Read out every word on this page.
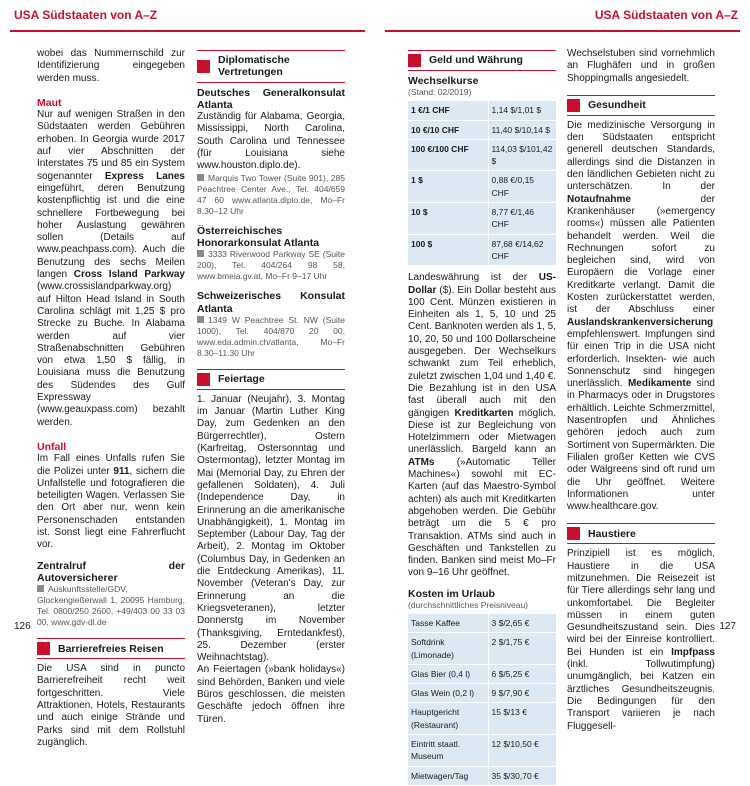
USA Südstaaten von A–Z	USA Südstaaten von A–Z

wobei das Nummernschild zur Identifizierung eingegeben werden muss.

Maut

Nur auf wenigen Straßen in den Südstaaten werden Gebühren erhoben. In Georgia wurde 2017 auf vier Abschnitten der Interstates 75 und 85 ein System sogenannter Express Lanes eingeführt, deren Benutzung kostenpflichtig ist und die eine schnellere Fortbewegung bei hoher Auslastung gewähren sollen (Details auf www.peachpass.com). Auch die Benutzung des sechs Meilen langen Cross Island Parkway (www.crossislandparkway.org) auf Hilton Head Island in South Carolina schlägt mit 1,25 $ pro Strecke zu Buche. In Alabama werden auf vier Straßenabschnitten Gebühren von etwa 1,50 $ fällig, in Louisiana muss die Benutzung des Südendes des Gulf Expressway (www.geauxpass.com) bezahlt werden.

Unfall

Im Fall eines Unfalls rufen Sie die Polizei unter 911, sichern die Unfallstelle und fotografieren die beteiligten Wagen. Verlassen Sie den Ort aber nur, wenn kein Personenschaden entstanden ist. Sonst liegt eine Fahrerflucht vor.

Zentralruf der Autoversicherer

Auskunftsstelle/GDV, Glockengießerwall 1, 20095 Hamburg, Tel. 0800/250 2600, +49/403 00 33 03 00, www.gdv-dl.de

Barrierefreies Reisen

Die USA sind in puncto Barrierefreiheit recht weit fortgeschritten. Viele Attraktionen, Hotels, Restaurants und auch einige Strände und Parks sind mit dem Rollstuhl zugänglich.

Diplomatische Vertretungen
Deutsches Generalkonsulat Atlanta

Zuständig für Alabama, Georgia, Mississippi, North Carolina, South Carolina und Tennessee (für Louisiana siehe www.houston.diplo.de).

Marquis Two Tower (Suite 901), 285 Peachtree Center Ave., Tel. 404/659 47 60 www.atlanta.diplo.de, Mo–Fr 8.30–12 Uhr

Österreichisches Honorarkonsulat Atlanta

3333 Riverwood Parkway SE (Suite 200), Tel. 404/264 98 58, www.bmeia.gv.at, Mo–Fr 9–17 Uhr

Schweizerisches Konsulat Atlanta

1349 W Peachtree St. NW (Suite 1000), Tel. 404/870 20 00, www.eda.admin.ch/atlanta, Mo–Fr 8.30–11.30 Uhr

Feiertage

1. Januar (Neujahr), 3. Montag im Januar (Martin Luther King Day, zum Gedenken an den Bürgerrechtler), Ostern (Karfreitag, Ostersonntag und Ostermontag), letzter Montag im Mai (Memorial Day, zu Ehren der gefallenen Soldaten), 4. Juli (Independence Day, in Erinnerung an die amerikanische Unabhängigkeit), 1. Montag im September (Labour Day, Tag der Arbeit), 2. Montag im Oktober (Columbus Day, in Gedenken an die Entdeckung Amerikas), 11. November (Veteran's Day, zur Erinnerung an die Kriegsveteranen), letzter Donnerstg im November (Thanksgiving, Erntedankfest), 25. Dezember (erster Weihnachtstag).

An Feiertagen (»bank holidays«) sind Behörden, Banken und viele Büros geschlossen, die meisten Geschäfte jedoch öffnen ihre Türen.

Geld und Währung
Wechselkurse

(Stand: 02/2019)

1 €/1 CHF	1,14 $/1,01 $
10 €/10 CHF	11,40 $/10,14 $
100 €/100 CHF	114,03 $/101,42 $
1 $	0,88 €/0,15 CHF
10 $	8,77 €/1,46 CHF
100 $	87,68 €/14,62 CHF

Landeswährung ist der US-Dollar ($). Ein Dollar besteht aus 100 Cent. Münzen existieren in Einheiten als 1, 5, 10 und 25 Cent. Banknoten werden als 1, 5, 10, 20, 50 und 100 Dollarscheine ausgegeben. Der Wechselkurs schwankt zum Teil erheblich, zuletzt zwischen 1,04 und 1,40 €. Die Bezahlung ist in den USA fast überall auch mit den gängigen Kreditkarten möglich. Diese ist zur Begleichung von Hotelzimmern oder Mietwagen unerlässlich. Bargeld kann an ATMs (»Automatic Teller Machines«) sowohl mit EC-Karten (auf das Maestro-Symbol achten) als auch mit Kreditkarten abgehoben werden. Die Gebühr beträgt um die 5 € pro Transaktion. ATMs sind auch in Geschäften und Tankstellen zu finden. Banken sind meist Mo–Fr von 9–16 Uhr geöffnet.

Kosten im Urlaub

(durchschnittliches Preisniveau)

Tasse Kaffee	3 $/2,65 €
Softdrink (Limonade)	2 $/1,75 €
Glas Bier (0,4 l)	6 $/5,25 €
Glas Wein (0,2 l)	9 $/7,90 €
Hauptgericht (Restaurant)	15 $/13 €
Eintritt staatl. Museum	12 $/10,50 €
Mietwagen/Tag	35 $/30,70 €

Wechselstuben sind vornehmlich an Flughäfen und in großen Shoppingmalls angesiedelt.

Gesundheit

Die medizinische Versorgung in den Südstaaten entspricht generell deutschen Standards, allerdings sind die Distanzen in den ländlichen Gebieten nicht zu unterschätzen. In der Notaufnahme der Krankenhäuser (»emergency rooms«) müssen alle Patienten behandelt werden. Weil die Rechnungen sofort zu begleichen sind, wird von Europäern die Vorlage einer Kreditkarte verlangt. Damit die Kosten zurückerstattet werden, ist der Abschluss einer Auslandskrankenversicherung empfehlenswert. Impfungen sind für einen Trip in die USA nicht erforderlich. Insekten- wie auch Sonnenschutz sind hingegen unerlässlich. Medikamente sind in Pharmacys oder in Drugstores erhältlich. Leichte Schmerzmittel, Nasentropfen und Ähnliches gehören jedoch auch zum Sortiment von Supermärkten. Die Filialen großer Ketten wie CVS oder Walgreens sind oft rund um die Uhr geöffnet. Weitere Informationen unter www.healthcare.gov.

Haustiere

Prinzipiell ist es möglich, Haustiere in die USA mitzunehmen. Die Reisezeit ist für Tiere allerdings sehr lang und unkomfortabel. Die Begleiter müssen in einem guten Gesundheitszustand sein. Dies wird bei der Einreise kontrolliert. Bei Hunden ist ein Impfpass (inkl. Tollwutimpfung) unumgänglich, bei Katzen ein ärztliches Gesundheitszeugnis. Die Bedingungen für den Transport variieren je nach Fluggesell-

126	127
